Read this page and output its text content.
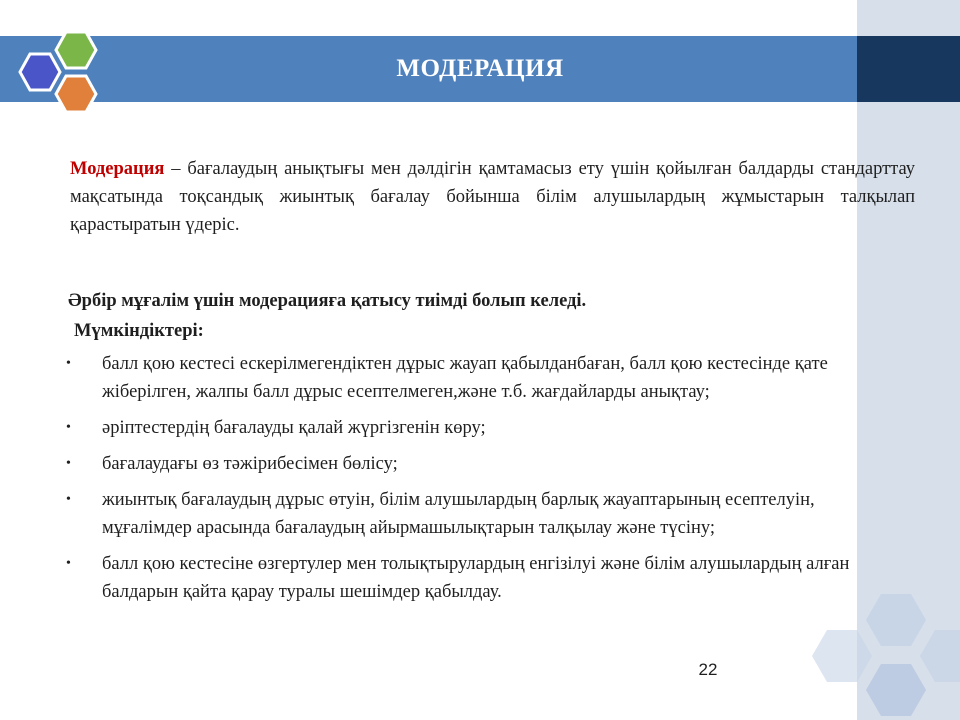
МОДЕРАЦИЯ

Модерация – бағалаудың анықтығы мен дәлдігін қамтамасыз ету үшін қойылған балдарды стандарттау мақсатында тоқсандық жиынтық бағалау бойынша білім алушылардың жұмыстарын талқылап қарастыратын үдеріс.

Әрбір мұғалім үшін модерацияға қатысу тиімді болып келеді.
Мүмкіндіктері:
• балл қою кестесі ескерілмегендіктен дұрыс жауап қабылданбаған, балл қою кестесінде қате жіберілген, жалпы балл дұрыс есептелмеген,және т.б. жағдайларды анықтау;
• әріптестердің бағалауды қалай жүргізгенін көру;
• бағалаудағы өз тәжірибесімен бөлісу;
• жиынтық бағалаудың дұрыс өтуін, білім алушылардың барлық жауаптарының есептелуін, мұғалімдер арасында бағалаудың айырмашылықтарын талқылау және түсіну;
• балл қою кестесіне өзгертулер мен толықтырулардың енгізілуі және білім алушылардың алған балдарын қайта қарау туралы шешімдер қабылдау.
22
